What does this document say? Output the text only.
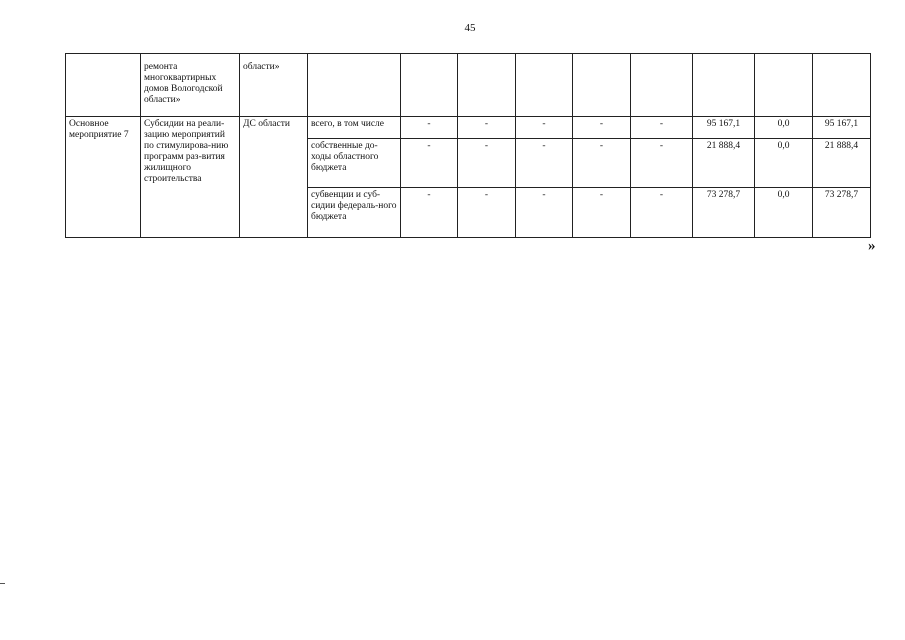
45
	ремонта многоквартирных домов Вологодской области»	области»									
Основное мероприятие 7	Субсидии на реали-зацию мероприятий по стимулирова-нию программ раз-вития жилищного строительства	ДС области	всего, в том числе	-	-	-	-	-	95 167,1	0,0	95 167,1
			собственные до-ходы областного бюджета	-	-	-	-	-	21 888,4	0,0	21 888,4
			субвенции и суб-сидии федераль-ного бюджета	-	-	-	-	-	73 278,7	0,0	73 278,7
»
